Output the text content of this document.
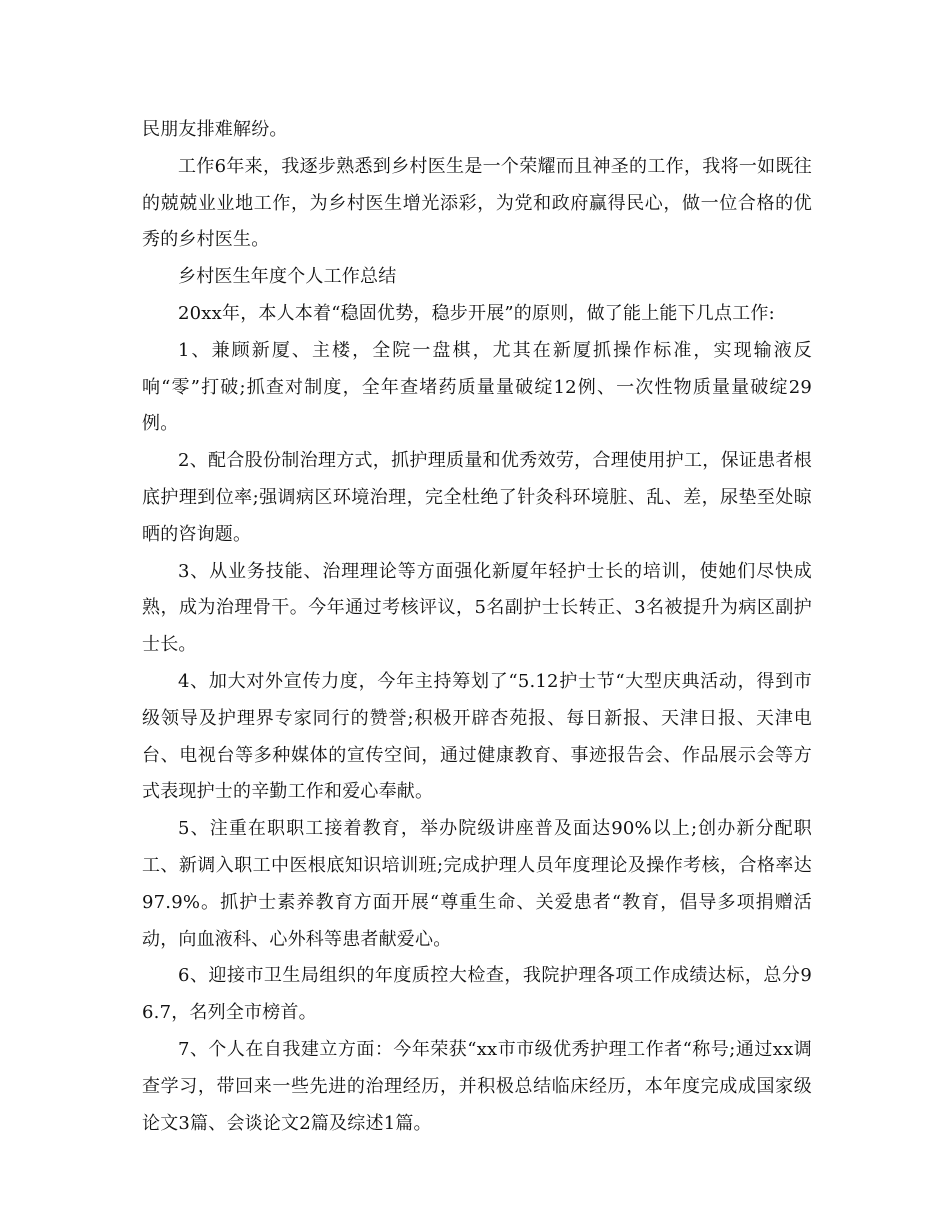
民朋友排难解纷。

工作6年来，我逐步熟悉到乡村医生是一个荣耀而且神圣的工作，我将一如既往的兢兢业业地工作，为乡村医生增光添彩，为党和政府赢得民心，做一位合格的优秀的乡村医生。

乡村医生年度个人工作总结

20xx年，本人本着“稳固优势，稳步开展”的原则，做了能上能下几点工作:

1、兼顾新厦、主楼，全院一盘棋，尤其在新厦抓操作标准，实现输液反响“零”打破;抓查对制度，全年查堵药质量量破绽12例、一次性物质量量破绽29例。

2、配合股份制治理方式，抓护理质量和优秀效劳，合理使用护工，保证患者根底护理到位率;强调病区环境治理，完全杜绝了针灸科环境脏、乱、差，尿垫至处晾晒的咨询题。

3、从业务技能、治理理论等方面强化新厦年轻护士长的培训，使她们尽快成熟，成为治理骨干。今年通过考核评议，5名副护士长转正、3名被提升为病区副护士长。

4、加大对外宣传力度，今年主持筹划了“5.12护士节“大型庆典活动，得到市级领导及护理界专家同行的赞誉;积极开辟杏苑报、每日新报、天津日报、天津电台、电视台等多种媒体的宣传空间，通过健康教育、事迹报告会、作品展示会等方式表现护士的辛勤工作和爱心奉献。

5、注重在职职工接着教育，举办院级讲座普及面达90%以上;创办新分配职工、新调入职工中医根底知识培训班;完成护理人员年度理论及操作考核，合格率达97.9%。抓护士素养教育方面开展“尊重生命、关爱患者“教育，倡导多项捐赠活动，向血液科、心外科等患者献爱心。

6、迎接市卫生局组织的年度质控大检查，我院护理各项工作成绩达标，总分96.7，名列全市榜首。

7、个人在自我建立方面：今年荣获“xx市市级优秀护理工作者“称号;通过xx调查学习，带回来一些先进的治理经历，并积极总结临床经历，本年度完成成国家级论文3篇、会谈论文2篇及综述1篇。
